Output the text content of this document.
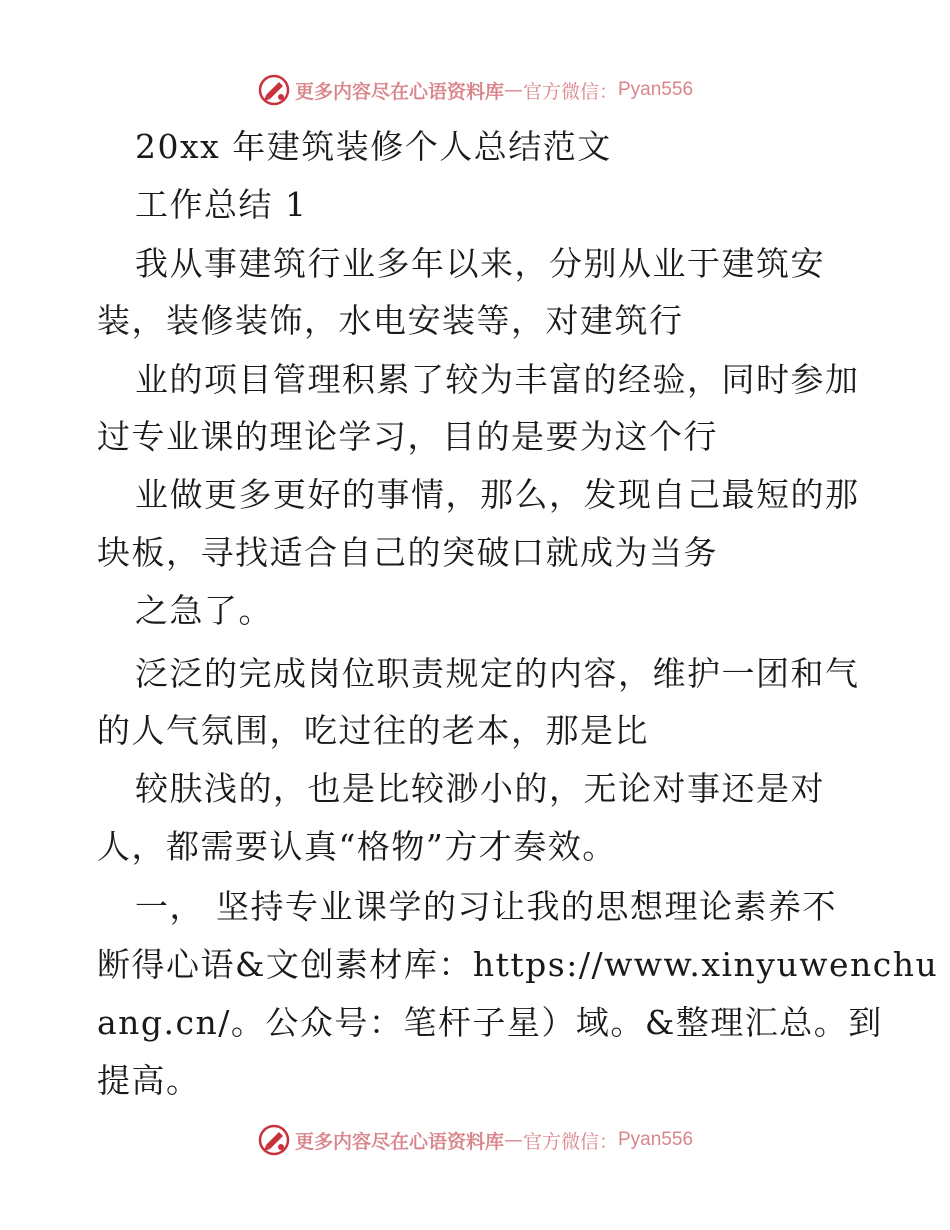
更多内容尽在心语资料库 — 官方微信： Pyan556
20xx 年建筑装修个人总结范文
工作总结 1
我从事建筑行业多年以来，分别从业于建筑安
装，装修装饰，水电安装等，对建筑行
业的项目管理积累了较为丰富的经验，同时参加
过专业课的理论学习，目的是要为这个行
业做更多更好的事情，那么，发现自己最短的那
块板，寻找适合自己的突破口就成为当务
之急了。
泛泛的完成岗位职责规定的内容，维护一团和气
的人气氛围，吃过往的老本，那是比
较肤浅的，也是比较渺小的，无论对事还是对
人，都需要认真“格物”方才奏效。
一， 坚持专业课学的习让我的思想理论素养不
断得心语&文创素材库：https://www.xinyuwenchu
ang.cn/。公众号：笔杆子星）域。&整理汇总。到
提高。
更多内容尽在心语资料库 — 官方微信： Pyan556
